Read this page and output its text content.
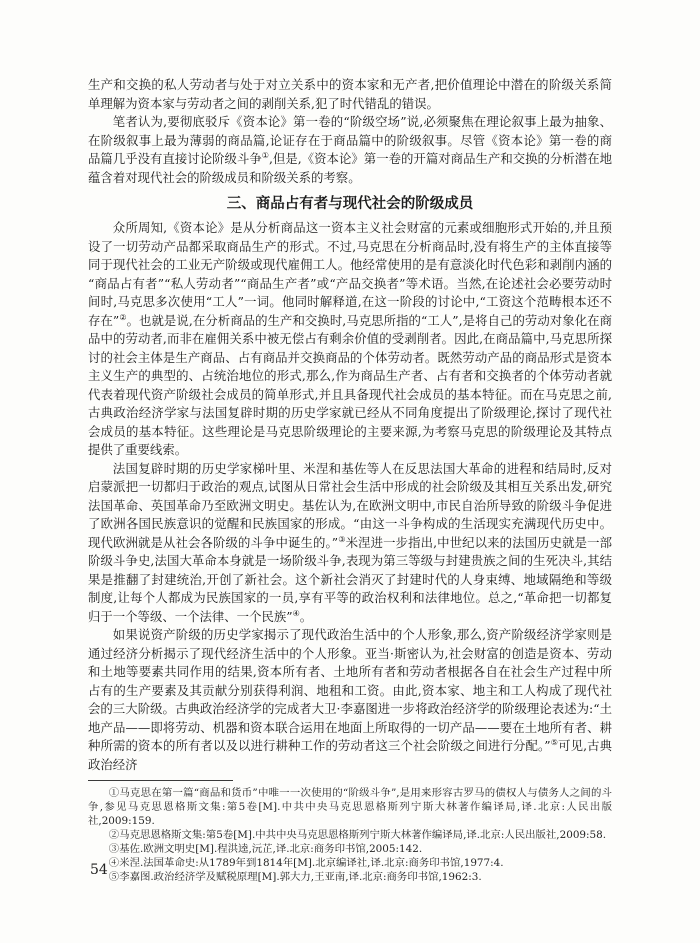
生产和交换的私人劳动者与处于对立关系中的资本家和无产者,把价值理论中潜在的阶级关系简单理解为资本家与劳动者之间的剥削关系,犯了时代错乱的错误。

笔者认为,要彻底驳斥《资本论》第一卷的“阶级空场”说,必须聚焦在理论叙事上最为抽象、在阶级叙事上最为薄弱的商品篇,论证存在于商品篇中的阶级叙事。尽管《资本论》第一卷的商品篇几乎没有直接讨论阶级斗争①,但是,《资本论》第一卷的开篇对商品生产和交换的分析潜在地蕴含着对现代社会的阶级成员和阶级关系的考察。

三、商品占有者与现代社会的阶级成员

众所周知,《资本论》是从分析商品这一资本主义社会财富的元素或细胞形式开始的,并且预设了一切劳动产品都采取商品生产的形式。不过,马克思在分析商品时,没有将生产的主体直接等同于现代社会的工业无产阶级或现代雇佣工人。他经常使用的是有意淡化时代色彩和剥削内涵的“商品占有者”“私人劳动者”“商品生产者”或“产品交换者”等术语。当然,在论述社会必要劳动时间时,马克思多次使用“工人”一词。他同时解释道,在这一阶段的讨论中,“工资这个范畴根本还不存在”②。也就是说,在分析商品的生产和交换时,马克思所指的“工人”,是将自己的劳动对象化在商品中的劳动者,而非在雇佣关系中被无偿占有剩余价值的受剥削者。因此,在商品篇中,马克思所探讨的社会主体是生产商品、占有商品并交换商品的个体劳动者。既然劳动产品的商品形式是资本主义生产的典型的、占统治地位的形式,那么,作为商品生产者、占有者和交换者的个体劳动者就代表着现代资产阶级社会成员的简单形式,并且具备现代社会成员的基本特征。而在马克思之前,古典政治经济学家与法国复辟时期的历史学家就已经从不同角度提出了阶级理论,探讨了现代社会成员的基本特征。这些理论是马克思阶级理论的主要来源,为考察马克思的阶级理论及其特点提供了重要线索。

法国复辟时期的历史学家梯叶里、米涅和基佐等人在反思法国大革命的进程和结局时,反对启蒙派把一切都归于政治的观点,试图从日常社会生活中形成的社会阶级及其相互关系出发,研究法国革命、英国革命乃至欧洲文明史。基佐认为,在欧洲文明中,市民自治所导致的阶级斗争促进了欧洲各国民族意识的觉醒和民族国家的形成。“由这一斗争构成的生活现实充满现代历史中。现代欧洲就是从社会各阶级的斗争中诞生的。”③米涅进一步指出,中世纪以来的法国历史就是一部阶级斗争史,法国大革命本身就是一场阶级斗争,表现为第三等级与封建贵族之间的生死决斗,其结果是推翻了封建统治,开创了新社会。这个新社会消灭了封建时代的人身束缚、地域隔绝和等级制度,让每个人都成为民族国家的一员,享有平等的政治权利和法律地位。总之,“革命把一切都复归于一个等级、一个法律、一个民族”④。

如果说资产阶级的历史学家揭示了现代政治生活中的个人形象,那么,资产阶级经济学家则是通过经济分析揭示了现代经济生活中的个人形象。亚当·斯密认为,社会财富的创造是资本、劳动和土地等要素共同作用的结果,资本所有者、土地所有者和劳动者根据各自在社会生产过程中所占有的生产要素及其贡献分别获得利润、地租和工资。由此,资本家、地主和工人构成了现代社会的三大阶级。古典政治经济学的完成者大卫·李嘉图进一步将政治经济学的阶级理论表述为:“土地产品——即将劳动、机器和资本联合运用在地面上所取得的一切产品——要在土地所有者、耕种所需的资本的所有者以及以进行耕种工作的劳动者这三个社会阶级之间进行分配。”⑤可见,古典政治经济

①马克思在第一篇“商品和货币”中唯一一次使用的“阶级斗争”,是用来形容古罗马的债权人与债务人之间的斗争,参见马克思恩格斯文集:第5卷[M].中共中央马克思恩格斯列宁斯大林著作编译局,译.北京:人民出版社,2009:159.

②马克思恩格斯文集:第5卷[M].中共中央马克思恩格斯列宁斯大林著作编译局,译.北京:人民出版社,2009:58.

③基佐.欧洲文明史[M].程洪逵,沅芷,译.北京:商务印书馆,2005:142.

④米涅.法国革命史:从1789年到1814年[M].北京编译社,译.北京:商务印书馆,1977:4.

⑤李嘉图.政治经济学及赋税原理[M].郭大力,王亚南,译.北京:商务印书馆,1962:3.

54
